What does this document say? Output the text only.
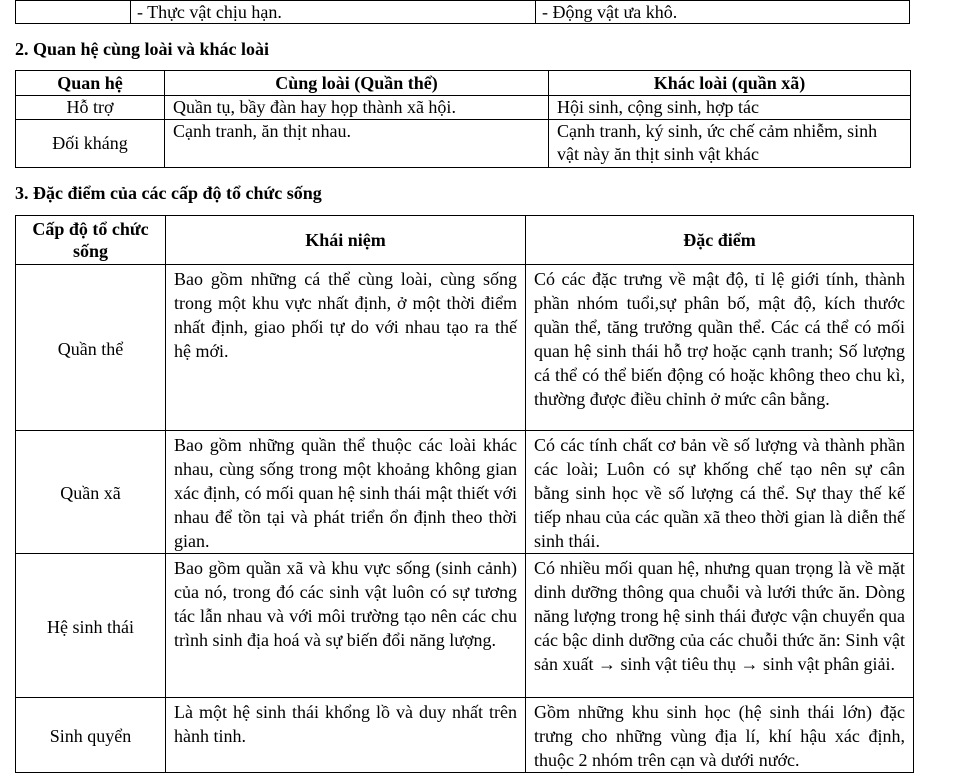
	- Thực vật chịu hạn.	- Động vật ưa khô.
2. Quan hệ cùng loài và khác loài
Quan hệ	Cùng loài (Quần thể)	Khác loài (quần xã)
Hỗ trợ	Quần tụ, bầy đàn hay họp thành xã hội.	Hội sinh, cộng sinh, hợp tác
Đối kháng	Cạnh tranh, ăn thịt nhau.	Cạnh tranh, ký sinh, ức chế cảm nhiễm, sinh vật này ăn thịt sinh vật khác
3. Đặc điểm của các cấp độ tổ chức sống
Cấp độ tổ chức sống	Khái niệm	Đặc điểm
Quần thể	Bao gồm những cá thể cùng loài, cùng sống trong một khu vực nhất định, ở một thời điểm nhất định, giao phối tự do với nhau tạo ra thế hệ mới.	Có các đặc trưng về mật độ, tỉ lệ giới tính, thành phần nhóm tuổi,sự phân bố, mật độ, kích thước quần thể, tăng trưởng quần thể. Các cá thể có mối quan hệ sinh thái hỗ trợ hoặc cạnh tranh; Số lượng cá thể có thể biến động có hoặc không theo chu kì, thường được điều chỉnh ở mức cân bằng.
Quần xã	Bao gồm những quần thể thuộc các loài khác nhau, cùng sống trong một khoảng không gian xác định, có mối quan hệ sinh thái mật thiết với nhau để tồn tại và phát triển ổn định theo thời gian.	Có các tính chất cơ bản về số lượng và thành phần các loài; Luôn có sự khống chế tạo nên sự cân bằng sinh học về số lượng cá thể. Sự thay thế kế tiếp nhau của các quần xã theo thời gian là diễn thế sinh thái.
Hệ sinh thái	Bao gồm quần xã và khu vực sống (sinh cảnh) của nó, trong đó các sinh vật luôn có sự tương tác lẫn nhau và với môi trường tạo nên các chu trình sinh địa hoá và sự biến đổi năng lượng.	Có nhiều mối quan hệ, nhưng quan trọng là về mặt dinh dưỡng thông qua chuỗi và lưới thức ăn. Dòng năng lượng trong hệ sinh thái được vận chuyển qua các bậc dinh dưỡng của các chuỗi thức ăn: Sinh vật sản xuất → sinh vật tiêu thụ → sinh vật phân giải.
Sinh quyển	Là một hệ sinh thái khổng lồ và duy nhất trên hành tinh.	Gồm những khu sinh học (hệ sinh thái lớn) đặc trưng cho những vùng địa lí, khí hậu xác định, thuộc 2 nhóm trên cạn và dưới nước.
